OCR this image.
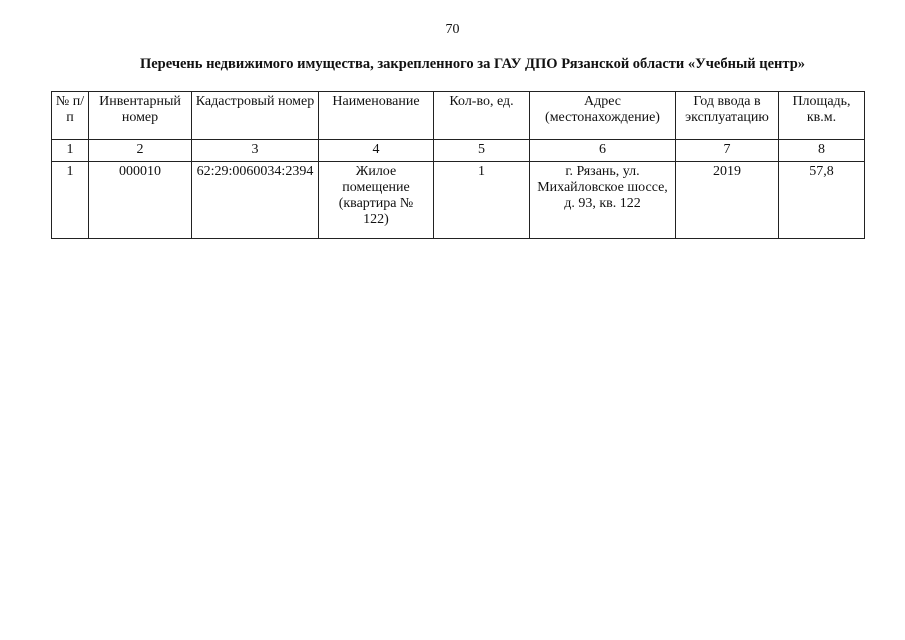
70
Перечень недвижимого имущества, закрепленного за ГАУ ДПО Рязанской области «Учебный центр»
№ п/п	Инвентарный номер	Кадастровый номер	Наименование	Кол-во, ед.	Адрес (местонахождение)	Год ввода в эксплуатацию	Площадь, кв.м.
1	2	3	4	5	6	7	8
1	000010	62:29:0060034:2394	Жилое помещение (квартира № 122)	1	г. Рязань, ул. Михайловское шоссе, д. 93, кв. 122	2019	57,8
